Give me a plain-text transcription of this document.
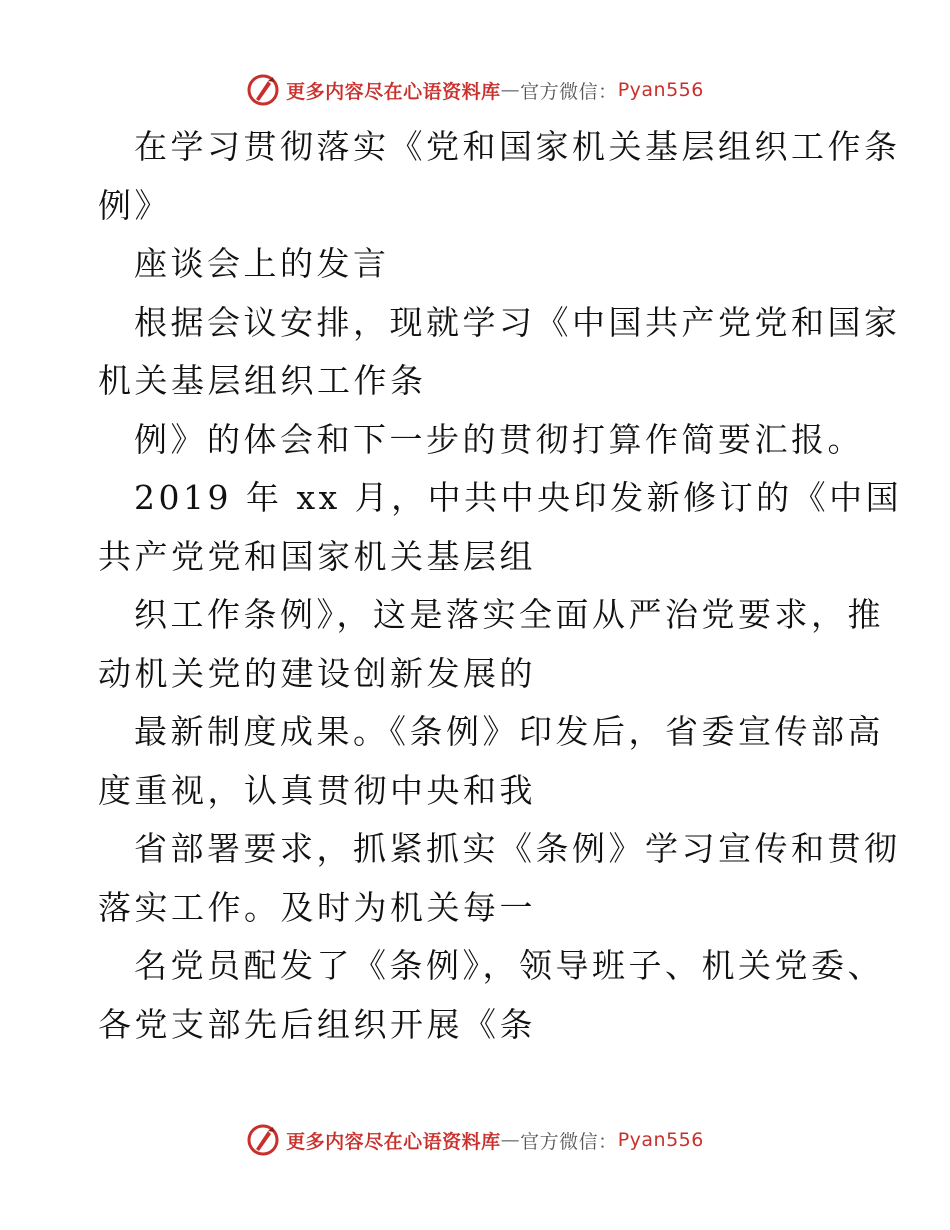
更多内容尽在心语资料库 — 官方微信： Pyan556
在学习贯彻落实《党和国家机关基层组织工作条
例》
座谈会上的发言
根据会议安排，现就学习《中国共产党党和国家
机关基层组织工作条
例》的体会和下一步的贯彻打算作简要汇报。
2019 年 xx 月，中共中央印发新修订的《中国
共产党党和国家机关基层组
织工作条例》，这是落实全面从严治党要求，推
动机关党的建设创新发展的
最新制度成果。《条例》印发后，省委宣传部高
度重视，认真贯彻中央和我
省部署要求，抓紧抓实《条例》学习宣传和贯彻
落实工作。及时为机关每一
名党员配发了《条例》，领导班子、机关党委、
各党支部先后组织开展《条
更多内容尽在心语资料库 — 官方微信： Pyan556
